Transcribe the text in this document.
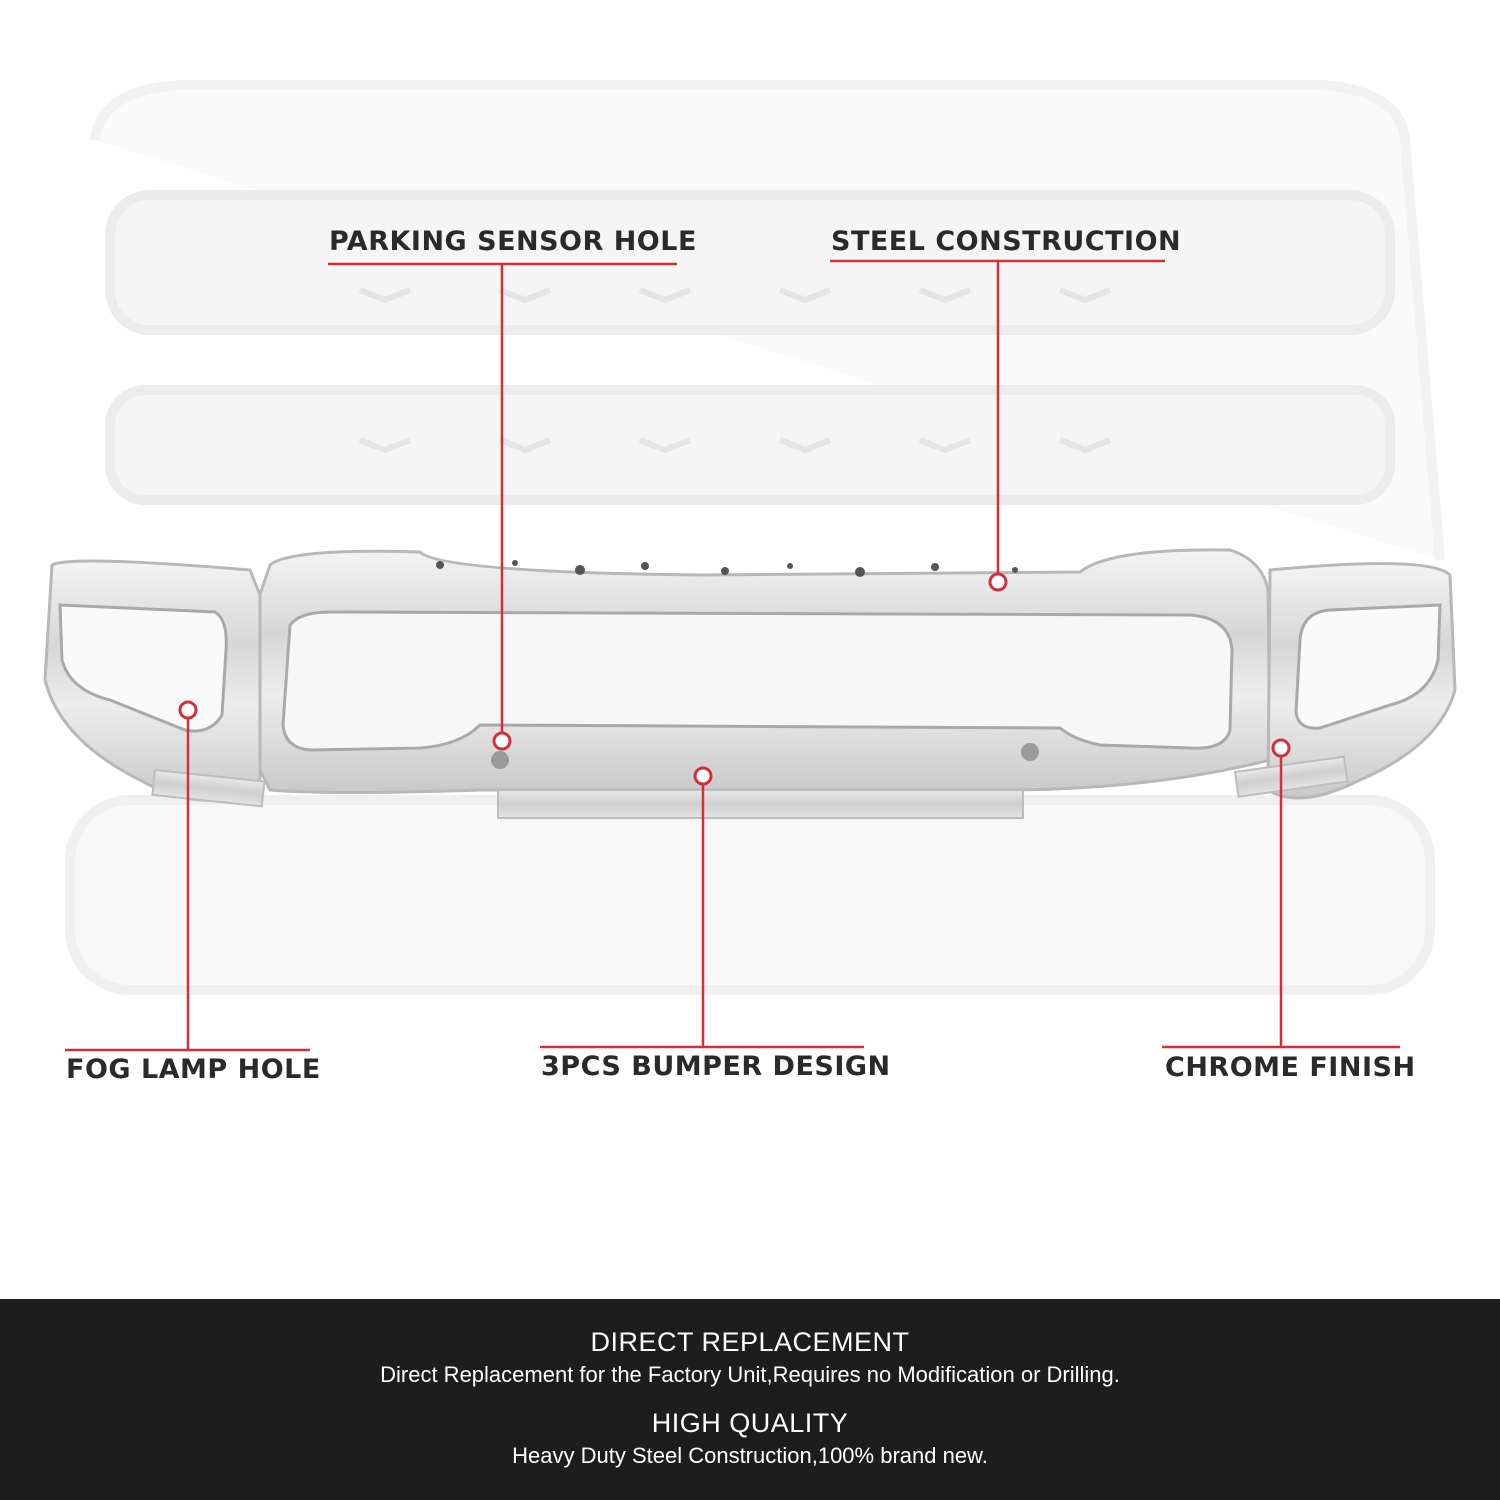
PARKING SENSOR HOLE	STEEL CONSTRUCTION
FOG LAMP HOLE	3PCS BUMPER DESIGN	CHROME FINISH
DIRECT REPLACEMENT
Direct Replacement for the Factory Unit,Requires no Modification or Drilling.
HIGH QUALITY
Heavy Duty Steel Construction,100% brand new.
